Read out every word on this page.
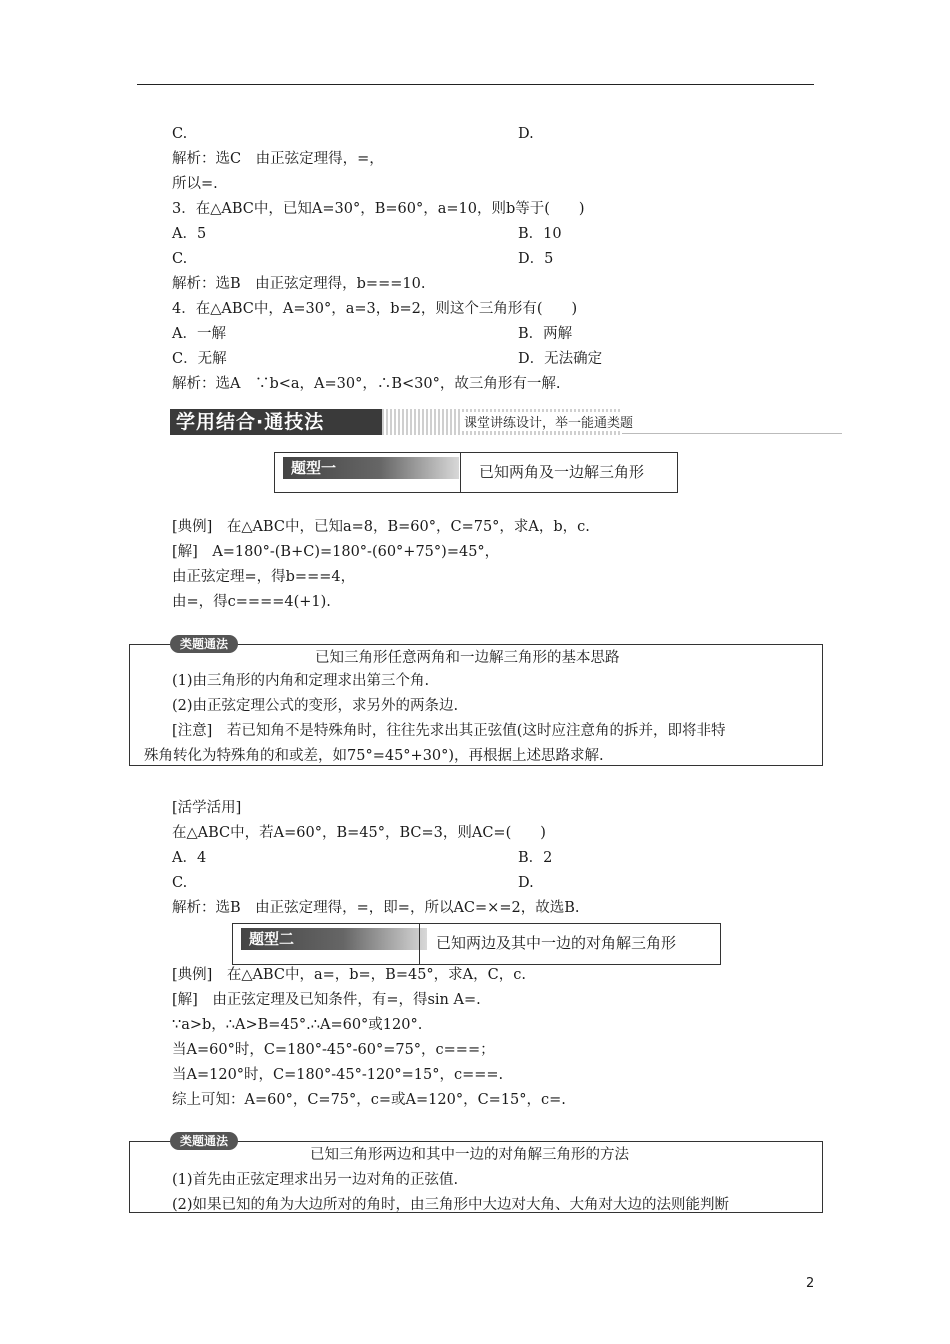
C.	D.
解析：选C　由正弦定理得，=，
所以=.
3．在△ABC中，已知A=30°，B=60°，a=10，则b等于(　　)
A．5	B．10
C.	D．5
解析：选B　由正弦定理得，b===10.
4．在△ABC中，A=30°，a=3，b=2，则这个三角形有(　　)
A．一解	B．两解
C．无解	D．无法确定
解析：选A　∵b<a，A=30°，∴B<30°，故三角形有一解.
[典例]　在△ABC中，已知a=8，B=60°，C=75°，求A，b，c.
[解]　A=180°-(B+C)=180°-(60°+75°)=45°，
由正弦定理=，得b===4，
由=，得c====4(+1).
[活学活用]
在△ABC中，若A=60°，B=45°，BC=3，则AC=(　　)
A．4	B．2
C.	D.
解析：选B　由正弦定理得，=，即=，所以AC=×=2，故选B.
[典例]　在△ABC中，a=，b=，B=45°，求A，C，c.
[解]　由正弦定理及已知条件，有=，得sin A=.
∵a>b，∴A>B=45°.∴A=60°或120°.
当A=60°时，C=180°-45°-60°=75°，c===；
当A=120°时，C=180°-45°-120°=15°，c===.
综上可知：A=60°，C=75°，c=或A=120°，C=15°，c=.
学用结合·通技法	课堂讲练设计，举一能通类题
题型一	已知两角及一边解三角形
类题通法
已知三角形任意两角和一边解三角形的基本思路
(1)由三角形的内角和定理求出第三个角.
(2)由正弦定理公式的变形，求另外的两条边.
[注意]　若已知角不是特殊角时，往往先求出其正弦值(这时应注意角的拆并，即将非特
殊角转化为特殊角的和或差，如75°=45°+30°)，再根据上述思路求解.
题型二	已知两边及其中一边的对角解三角形
类题通法
已知三角形两边和其中一边的对角解三角形的方法
(1)首先由正弦定理求出另一边对角的正弦值.
(2)如果已知的角为大边所对的角时，由三角形中大边对大角、大角对大边的法则能判断
2
